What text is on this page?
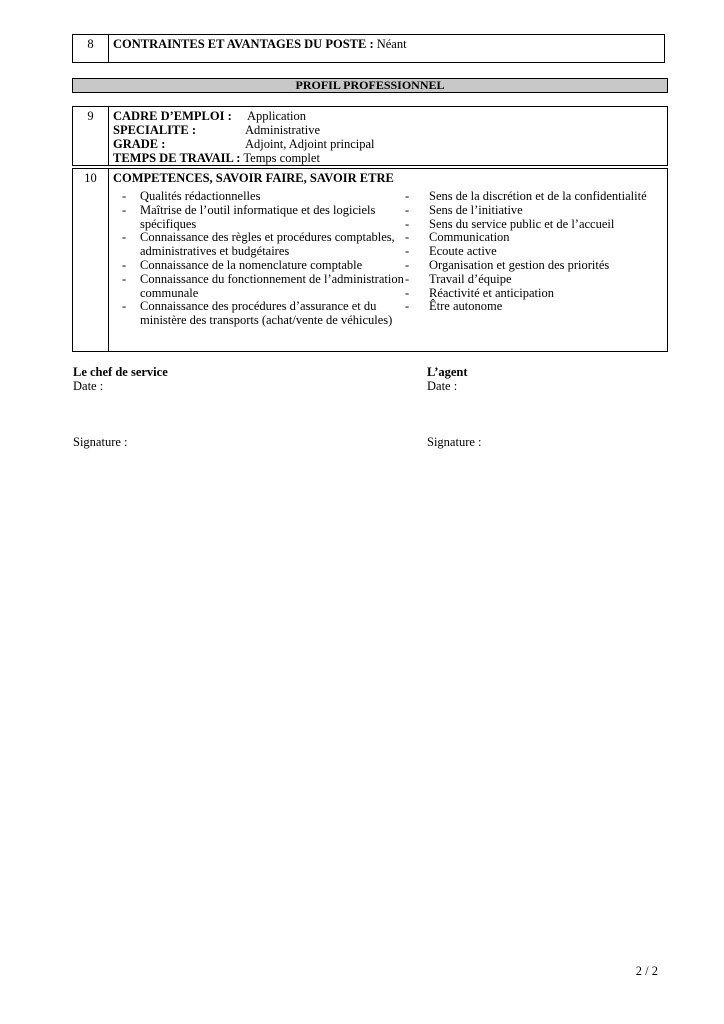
8	CONTRAINTES ET AVANTAGES DU POSTE : Néant
PROFIL PROFESSIONNEL
9	CADRE D’EMPLOI : Application
SPECIALITE :	Administrative
GRADE :	Adjoint, Adjoint principal
TEMPS DE TRAVAIL : Temps complet
10	COMPETENCES, SAVOIR FAIRE, SAVOIR ETRE
- Qualités rédactionnelles
- Maîtrise de l’outil informatique et des logiciels
spécifiques
- Connaissance des règles et procédures comptables,
administratives et budgétaires
- Connaissance de la nomenclature comptable
- Connaissance du fonctionnement de l’administration
communale
- Connaissance des procédures d’assurance et du
ministère des transports (achat/vente de véhicules)
- Sens de la discrétion et de la confidentialité
- Sens de l’initiative
- Sens du service public et de l’accueil
- Communication
- Ecoute active
- Organisation et gestion des priorités
- Travail d’équipe
- Réactivité et anticipation
- Être autonome
Le chef de service
Date :
Signature :
L’agent
Date :
Signature :
2 / 2
